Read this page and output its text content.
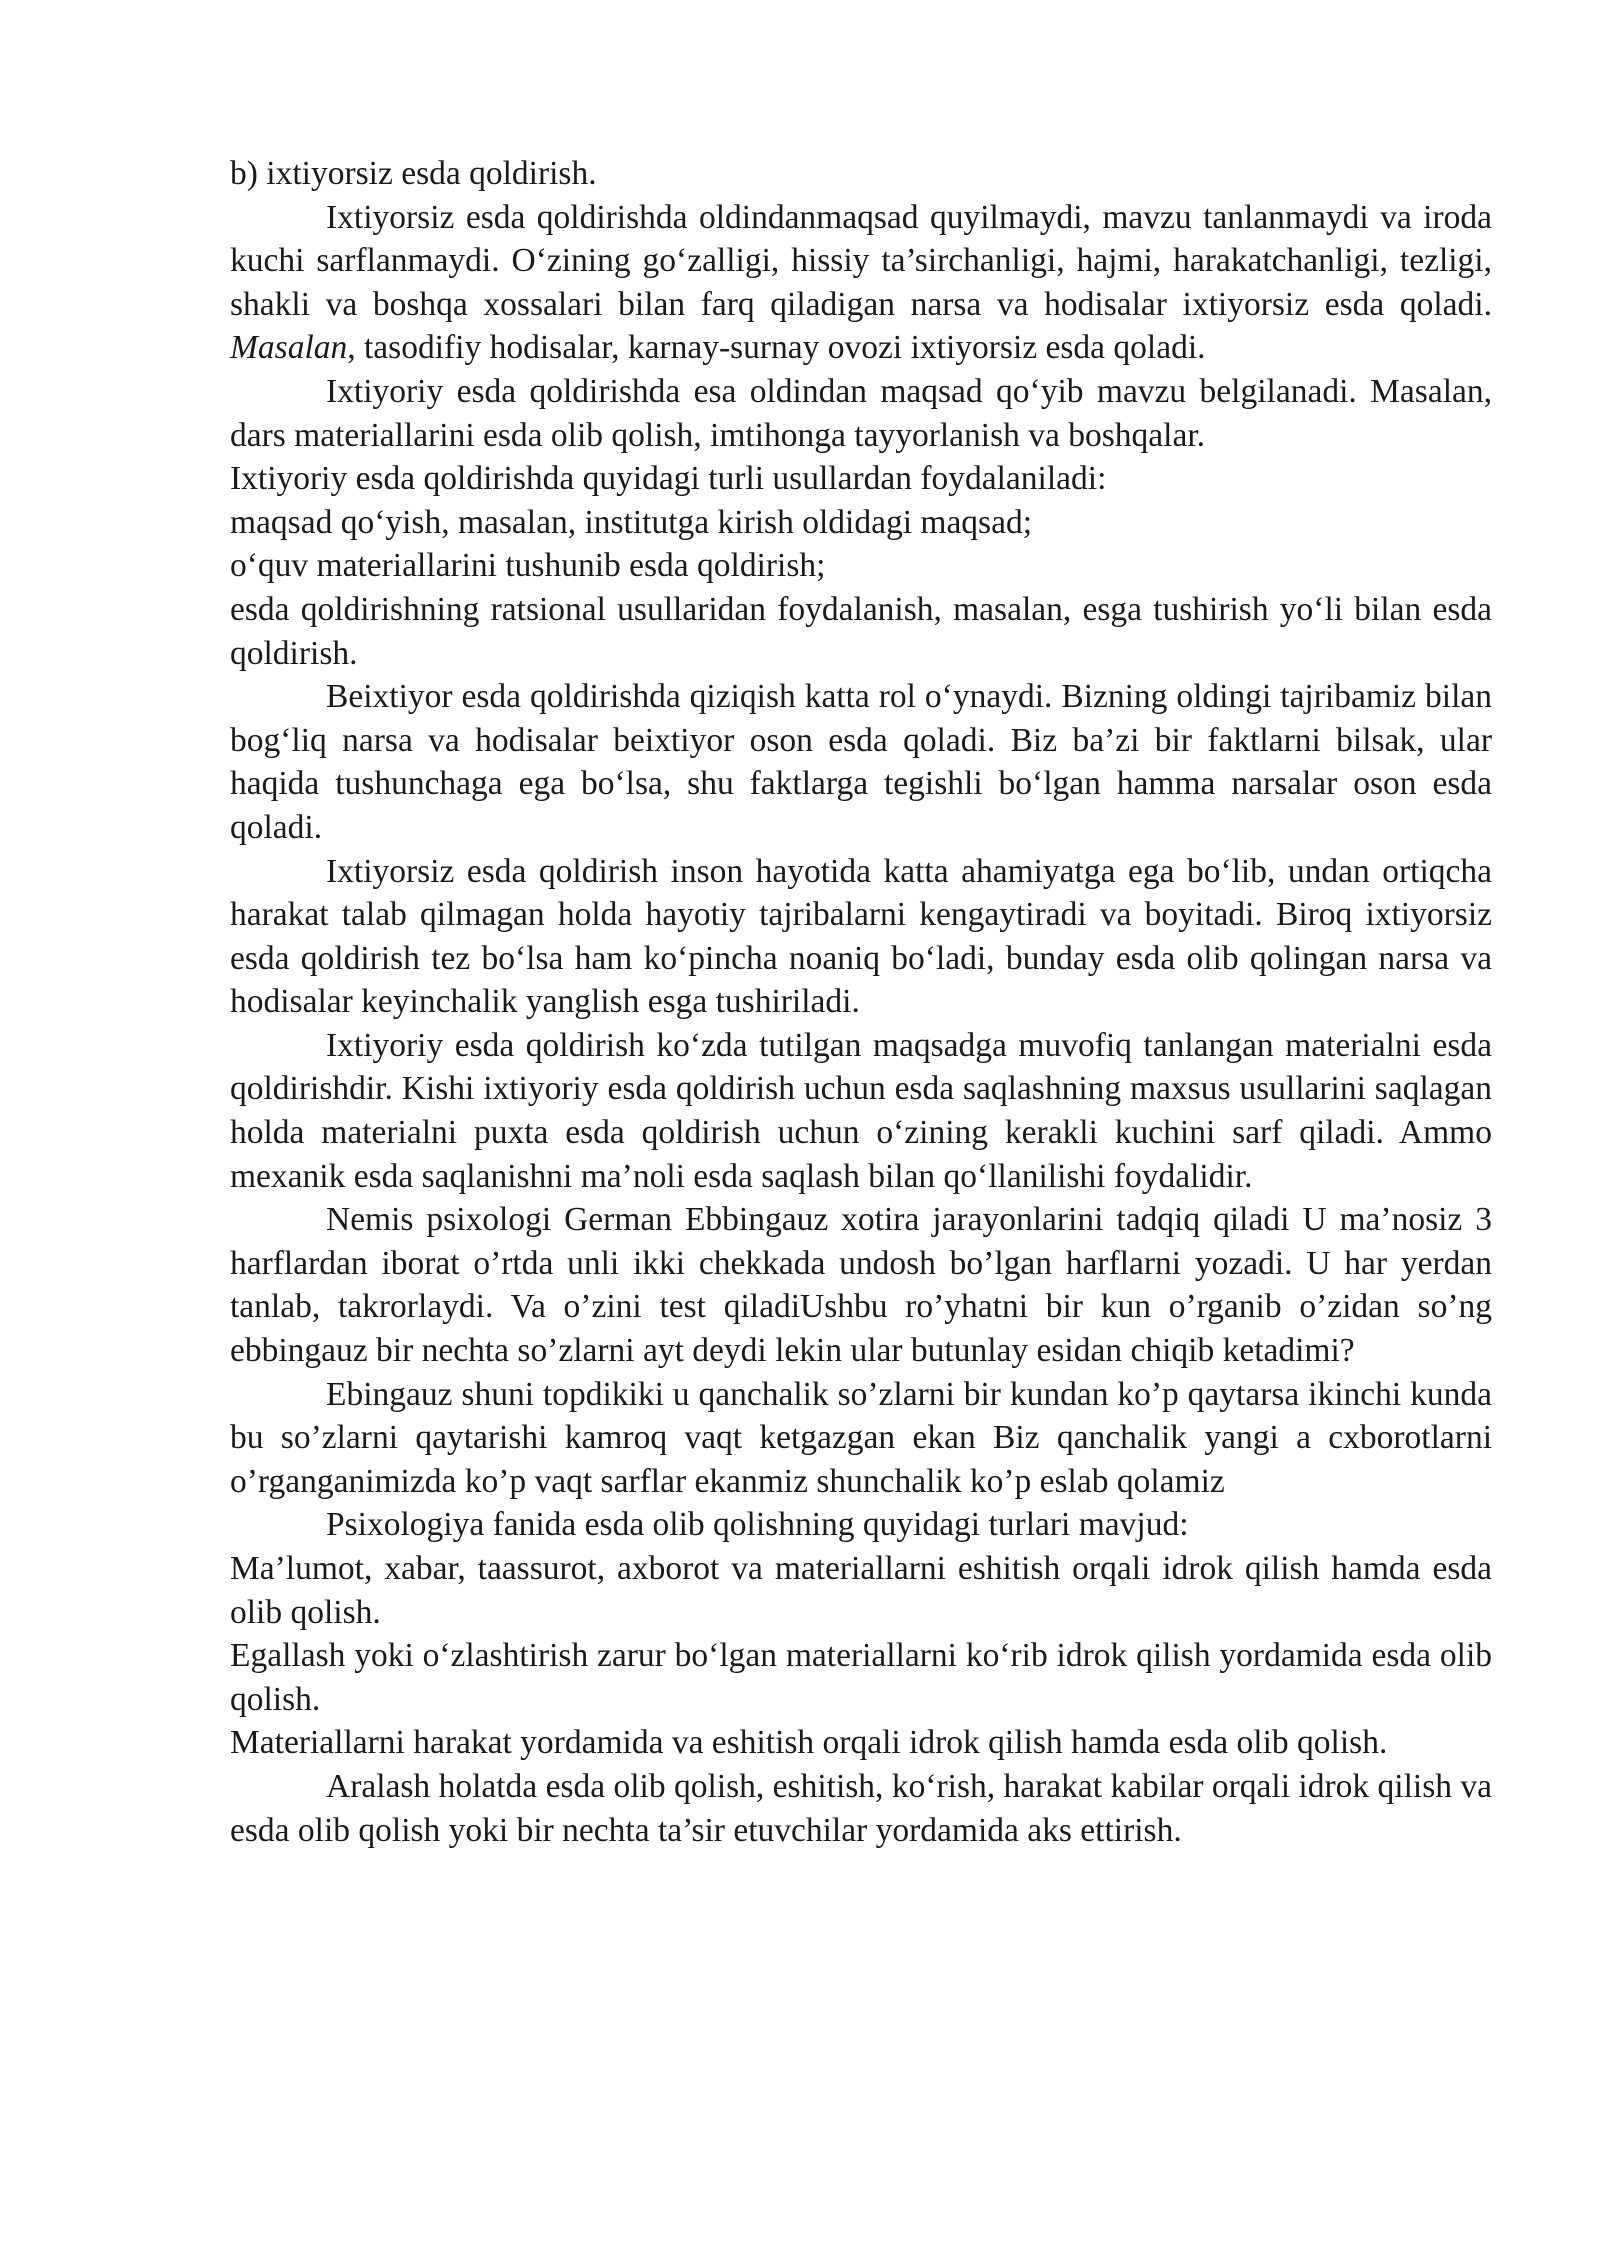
b) ixtiyorsiz esda qoldirish.

Ixtiyorsiz esda qoldirishda oldindanmaqsad quyilmaydi, mavzu tanlanmaydi va iroda kuchi sarflanmaydi. O‘zining go‘zalligi, hissiy ta’sirchanligi, hajmi, harakatchanligi, tezligi, shakli va boshqa xossalari bilan farq qiladigan narsa va hodisalar ixtiyorsiz esda qoladi. Masalan, tasodifiy hodisalar, karnay-surnay ovozi ixtiyorsiz esda qoladi.

Ixtiyoriy esda qoldirishda esa oldindan maqsad qo‘yib mavzu belgilanadi. Masalan, dars materiallarini esda olib qolish, imtihonga tayyorlanish va boshqalar.

Ixtiyoriy esda qoldirishda quyidagi turli usullardan foydalaniladi:

maqsad qo‘yish, masalan, institutga kirish oldidagi maqsad;

o‘quv materiallarini tushunib esda qoldirish;

esda qoldirishning ratsional usullaridan foydalanish, masalan, esga tushirish yo‘li bilan esda qoldirish.

Beixtiyor esda qoldirishda qiziqish katta rol o‘ynaydi. Bizning oldingi tajribamiz bilan bog‘liq narsa va hodisalar beixtiyor oson esda qoladi. Biz ba’zi bir faktlarni bilsak, ular haqida tushunchaga ega bo‘lsa, shu faktlarga tegishli bo‘lgan hamma narsalar oson esda qoladi.

Ixtiyorsiz esda qoldirish inson hayotida katta ahamiyatga ega bo‘lib, undan ortiqcha harakat talab qilmagan holda hayotiy tajribalarni kengaytiradi va boyitadi. Biroq ixtiyorsiz esda qoldirish tez bo‘lsa ham ko‘pincha noaniq bo‘ladi, bunday esda olib qolingan narsa va hodisalar keyinchalik yanglish esga tushiriladi.

Ixtiyoriy esda qoldirish ko‘zda tutilgan maqsadga muvofiq tanlangan materialni esda qoldirishdir. Kishi ixtiyoriy esda qoldirish uchun esda saqlashning maxsus usullarini saqlagan holda materialni puxta esda qoldirish uchun o‘zining kerakli kuchini sarf qiladi. Ammo mexanik esda saqlanishni ma’noli esda saqlash bilan qo‘llanilishi foydalidir.

Nemis psixologi German Ebbingauz xotira jarayonlarini tadqiq qiladi U ma’nosiz 3 harflardan iborat o’rtda unli ikki chekkada undosh bo’lgan harflarni yozadi. U har yerdan tanlab, takrorlaydi. Va o’zini test qiladiUshbu ro’yhatni bir kun o’rganib o’zidan so’ng ebbingauz bir nechta so’zlarni ayt deydi lekin ular butunlay esidan chiqib ketadimi?

Ebingauz shuni topdikiki u qanchalik so’zlarni bir kundan ko’p qaytarsa ikinchi kunda bu so’zlarni qaytarishi kamroq vaqt ketgazgan ekan Biz qanchalik yangi a cxborotlarni o’rganganimizda ko’p vaqt sarflar ekanmiz shunchalik ko’p eslab qolamiz

Psixologiya fanida esda olib qolishning quyidagi turlari mavjud:

Ma’lumot, xabar, taassurot, axborot va materiallarni eshitish orqali idrok qilish hamda esda olib qolish.

Egallash yoki o‘zlashtirish zarur bo‘lgan materiallarni ko‘rib idrok qilish yordamida esda olib qolish.

Materiallarni harakat yordamida va eshitish orqali idrok qilish hamda esda olib qolish.

Aralash holatda esda olib qolish, eshitish, ko‘rish, harakat kabilar orqali idrok qilish va esda olib qolish yoki bir nechta ta’sir etuvchilar yordamida aks ettirish.
